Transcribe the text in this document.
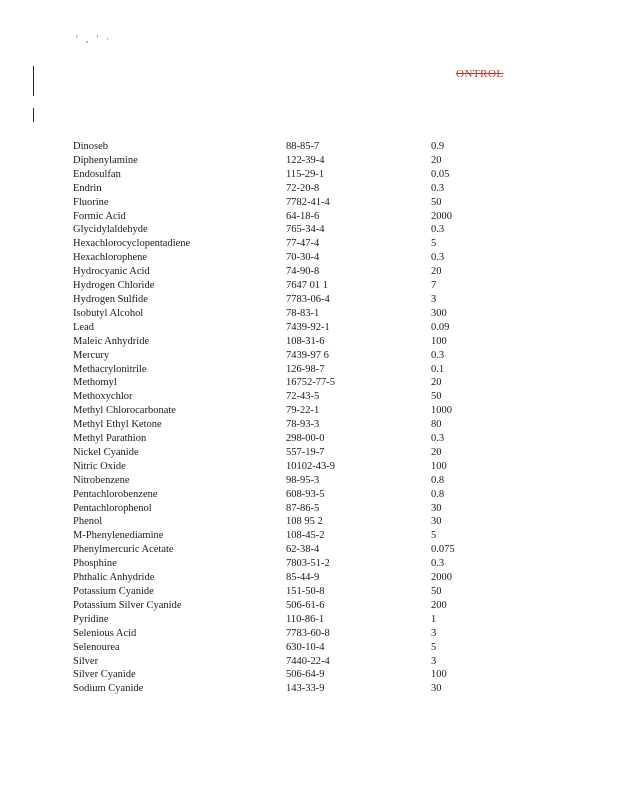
' , ' ·
ONTROL
Dinoseb	88-85-7	0.9
Diphenylamine	122-39-4	20
Endosulfan	115-29-1	0.05
Endrin	72-20-8	0.3
Fluorine	7782-41-4	50
Formic Acid	64-18-6	2000
Glycidylaldehyde	765-34-4	0.3
Hexachlorocyclopentadiene	77-47-4	5
Hexachlorophene	70-30-4	0.3
Hydrocyanic Acid	74-90-8	20
Hydrogen Chloride	7647 01 1	7
Hydrogen Sulfide	7783-06-4	3
Isobutyl Alcohol	78-83-1	300
Lead	7439-92-1	0.09
Maleic Anhydride	108-31-6	100
Mercury	7439-97 6	0.3
Methacrylonitrile	126-98-7	0.1
Methomyl	16752-77-5	20
Methoxychlor	72-43-5	50
Methyl Chlorocarbonate	79-22-1	1000
Methyl Ethyl Ketone	78-93-3	80
Methyl Parathion	298-00-0	0.3
Nickel Cyanide	557-19-7	20
Nitric Oxide	10102-43-9	100
Nitrobenzene	98-95-3	0.8
Pentachlorobenzene	608-93-5	0.8
Pentachlorophenol	87-86-5	30
Phenol	108 95 2	30
M-Phenylenediamine	108-45-2	5
Phenylmercuric Acetate	62-38-4	0.075
Phosphine	7803-51-2	0.3
Phthalic Anhydride	85-44-9	2000
Potassium Cyanide	151-50-8	50
Potassium Silver Cyanide	506-61-6	200
Pyridine	110-86-1	1
Selenious Acid	7783-60-8	3
Selenourea	630-10-4	5
Silver	7440-22-4	3
Silver Cyanide	506-64-9	100
Sodium Cyanide	143-33-9	30
